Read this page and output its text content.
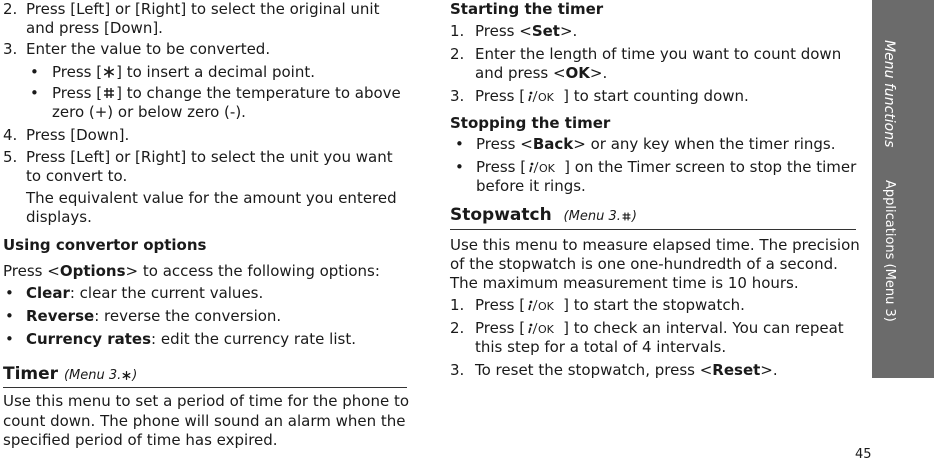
2. Press [Left] or [Right] to select the original unit
and press [Down].
3. Enter the value to be converted.
• Press [ ] to insert a decimal point.
• Press [ ] to change the temperature to above
zero (+) or below zero (-).
4. Press [Down].
5. Press [Left] or [Right] to select the unit you want
to convert to.
The equivalent value for the amount you entered
displays.
Using convertor options
Press <Options> to access the following options:
• Clear: clear the current values.
• Reverse: reverse the conversion.
• Currency rates: edit the currency rate list.
Timer (Menu 3. )
Use this menu to set a period of time for the phone to
count down. The phone will sound an alarm when the
specified period of time has expired.
Starting the timer
1. Press <Set>.
2. Enter the length of time you want to count down
and press <OK>.
3. Press [ OK ] to start counting down.
Stopping the timer
• Press <Back> or any key when the timer rings.
• Press [ OK ] on the Timer screen to stop the timer
before it rings.
Stopwatch (Menu 3. )
Use this menu to measure elapsed time. The precision
of the stopwatch is one one-hundredth of a second.
The maximum measurement time is 10 hours.
1. Press [ OK ] to start the stopwatch.
2. Press [ OK ] to check an interval. You can repeat
this step for a total of 4 intervals.
3. To reset the stopwatch, press <Reset>.
Menu functions
Applications (Menu 3)
45
